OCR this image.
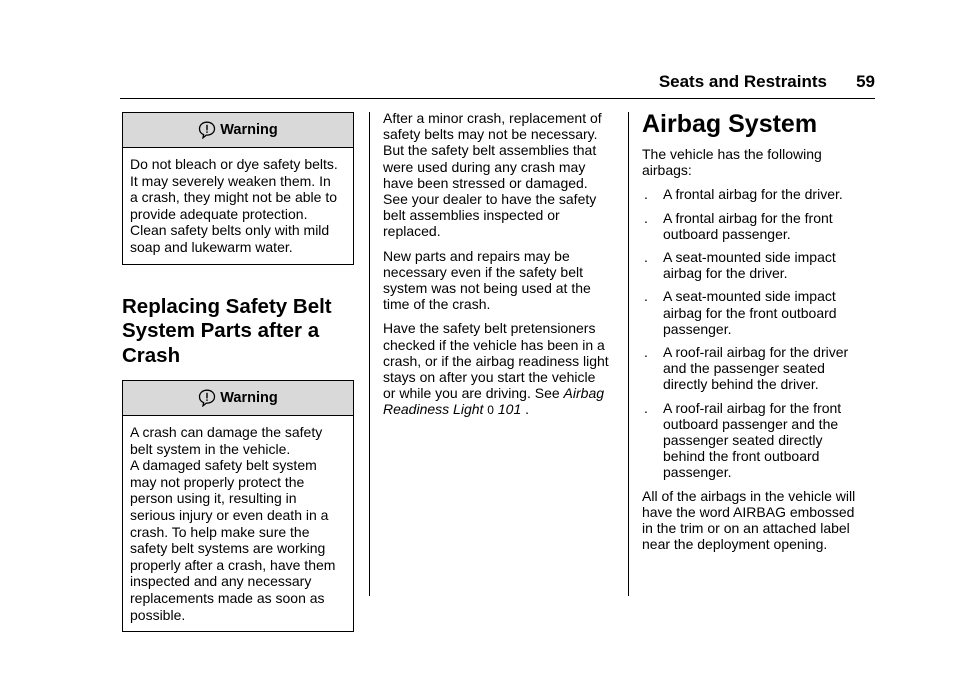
Seats and Restraints 59
Warning
Do not bleach or dye safety belts.
It may severely weaken them. In
a crash, they might not be able to
provide adequate protection.
Clean safety belts only with mild
soap and lukewarm water.
Replacing Safety Belt
System Parts after a
Crash
Warning
A crash can damage the safety
belt system in the vehicle.
A damaged safety belt system
may not properly protect the
person using it, resulting in
serious injury or even death in a
crash. To help make sure the
safety belt systems are working
properly after a crash, have them
inspected and any necessary
replacements made as soon as
possible.

After a minor crash, replacement of
safety belts may not be necessary.
But the safety belt assemblies that
were used during any crash may
have been stressed or damaged.
See your dealer to have the safety
belt assemblies inspected or
replaced.

New parts and repairs may be
necessary even if the safety belt
system was not being used at the
time of the crash.

Have the safety belt pretensioners
checked if the vehicle has been in a
crash, or if the airbag readiness light
stays on after you start the vehicle
or while you are driving. See Airbag
Readiness Light 0 101 .

Airbag System

The vehicle has the following
airbags:

. A frontal airbag for the driver.
. A frontal airbag for the front
outboard passenger.
. A seat-mounted side impact
airbag for the driver.
. A seat-mounted side impact
airbag for the front outboard
passenger.
. A roof-rail airbag for the driver
and the passenger seated
directly behind the driver.
. A roof-rail airbag for the front
outboard passenger and the
passenger seated directly
behind the front outboard
passenger.

All of the airbags in the vehicle will
have the word AIRBAG embossed
in the trim or on an attached label
near the deployment opening.
